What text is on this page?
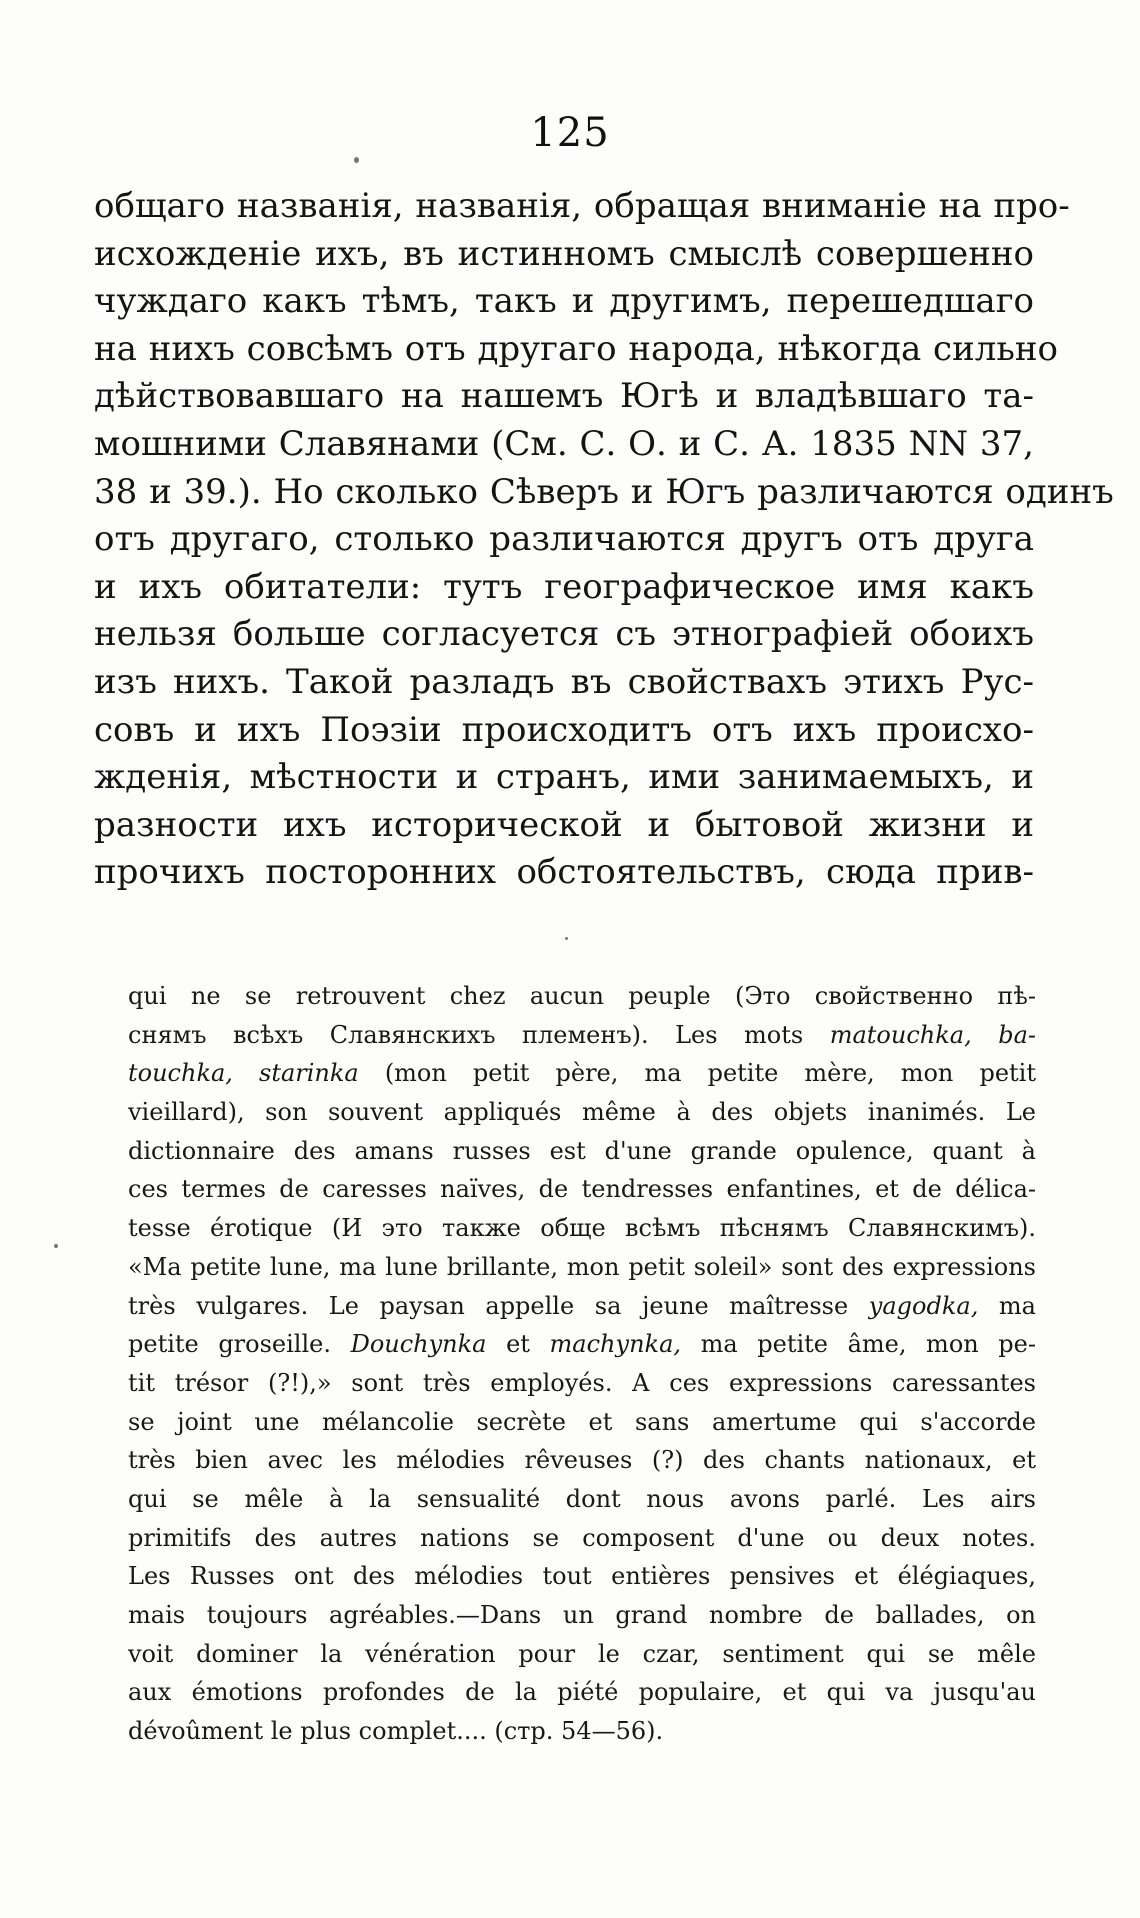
125
общаго названія, названія, обращая вниманіе на про-
исхожденіе ихъ, въ истинномъ смыслѣ совершенно
чуждаго какъ тѣмъ, такъ и другимъ, перешедшаго
на нихъ совсѣмъ отъ другаго народа, нѣкогда сильно
дѣйствовавшаго на нашемъ Югѣ и владѣвшаго та-
мошними Славянами (См. С. О. и С. А. 1835 NN 37,
38 и 39.). Но сколько Сѣверъ и Югъ различаются одинъ
отъ другаго, столько различаются другъ отъ друга
и ихъ обитатели: тутъ географическое имя какъ
нельзя больше согласуется съ этнографіей обоихъ
изъ нихъ. Такой разладъ въ свойствахъ этихъ Рус-
совъ и ихъ Поэзіи происходитъ отъ ихъ происхо-
жденія, мѣстности и странъ, ими занимаемыхъ, и
разности ихъ исторической и бытовой жизни и
прочихъ посторонних обстоятельствъ, сюда прив-
qui ne se retrouvent chez aucun peuple (Это свойственно пѣ-
снямъ всѣхъ Славянскихъ племенъ). Les mots matouchka, ba-
touchka, starinka (mon petit père, ma petite mère, mon petit
vieillard), son souvent appliqués même à des objets inanimés. Le
dictionnaire des amans russes est d'une grande opulence, quant à
ces termes de caresses naïves, de tendresses enfantines, et de délica-
tesse érotique (И это также обще всѣмъ пѣснямъ Славянскимъ).
«Ma petite lune, ma lune brillante, mon petit soleil» sont des expressions
très vulgares. Le paysan appelle sa jeune maîtresse yagodka, ma
petite groseille. Douchynka et machynka, ma petite âme, mon pe-
tit trésor (?!),» sont très employés. A ces expressions caressantes
se joint une mélancolie secrète et sans amertume qui s'accorde
très bien avec les mélodies rêveuses (?) des chants nationaux, et
qui se mêle à la sensualité dont nous avons parlé. Les airs
primitifs des autres nations se composent d'une ou deux notes.
Les Russes ont des mélodies tout entières pensives et élégiaques,
mais toujours agréables.—Dans un grand nombre de ballades, on
voit dominer la vénération pour le czar, sentiment qui se mêle
aux émotions profondes de la piété populaire, et qui va jusqu'au
dévoûment le plus complet.... (стр. 54—56).
